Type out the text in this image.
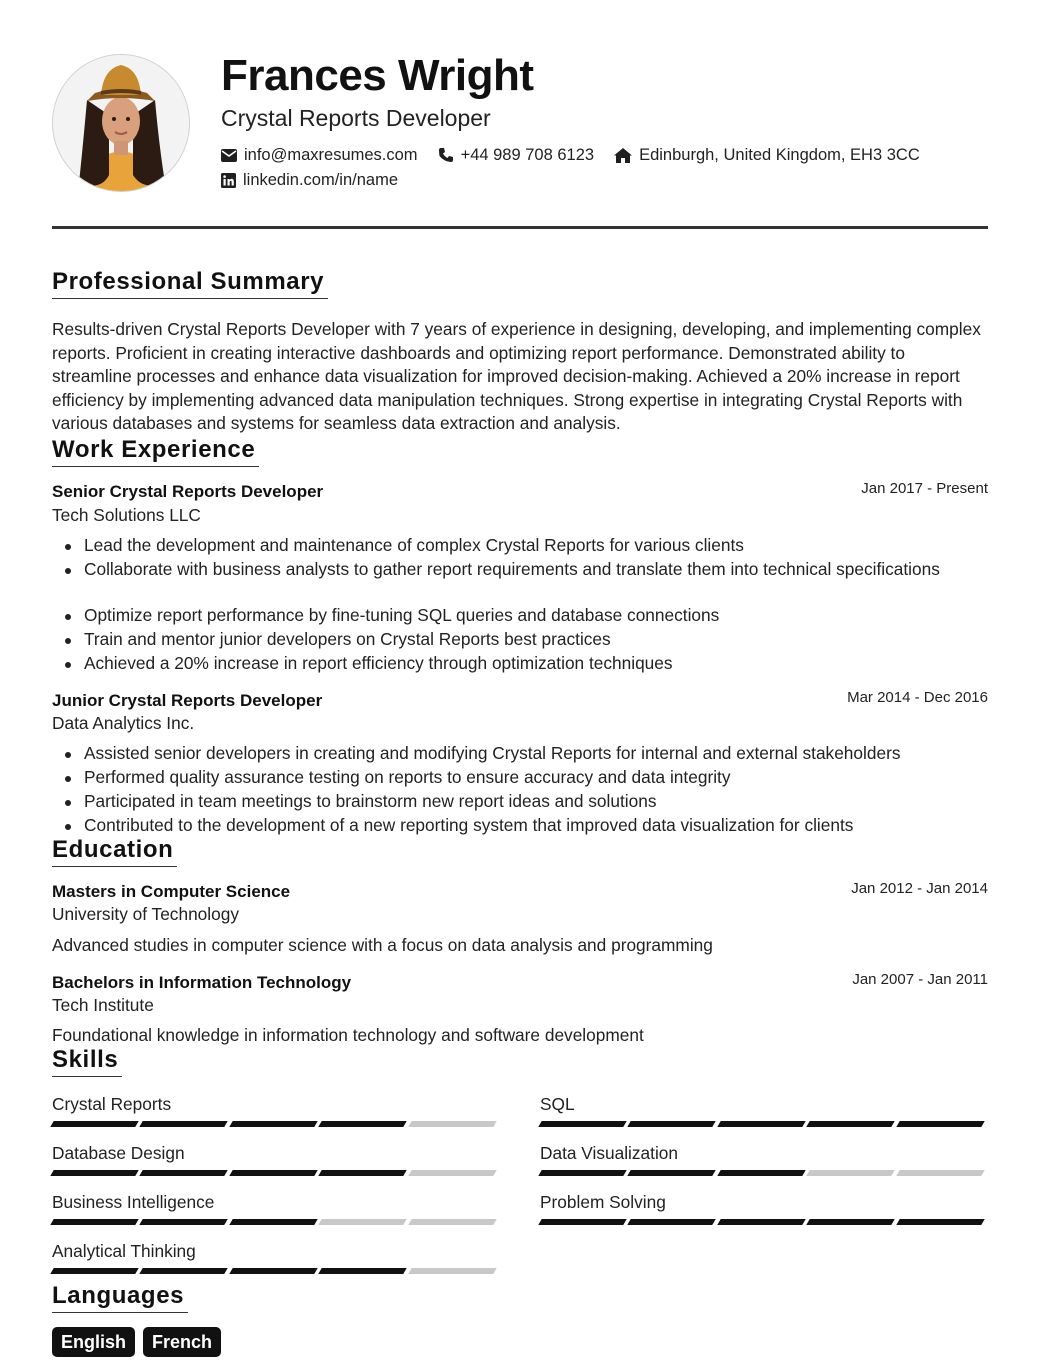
Frances Wright
Crystal Reports Developer
info@maxresumes.com	+44 989 708 6123	Edinburgh, United Kingdom, EH3 3CC
linkedin.com/in/name
Professional Summary
Results-driven Crystal Reports Developer with 7 years of experience in designing, developing, and implementing complex reports. Proficient in creating interactive dashboards and optimizing report performance. Demonstrated ability to streamline processes and enhance data visualization for improved decision-making. Achieved a 20% increase in report efficiency by implementing advanced data manipulation techniques. Strong expertise in integrating Crystal Reports with various databases and systems for seamless data extraction and analysis.
Work Experience
Senior Crystal Reports Developer	Jan 2017 - Present
Tech Solutions LLC
Lead the development and maintenance of complex Crystal Reports for various clients
Collaborate with business analysts to gather report requirements and translate them into technical specifications
Optimize report performance by fine-tuning SQL queries and database connections
Train and mentor junior developers on Crystal Reports best practices
Achieved a 20% increase in report efficiency through optimization techniques
Junior Crystal Reports Developer	Mar 2014 - Dec 2016
Data Analytics Inc.
Assisted senior developers in creating and modifying Crystal Reports for internal and external stakeholders
Performed quality assurance testing on reports to ensure accuracy and data integrity
Participated in team meetings to brainstorm new report ideas and solutions
Contributed to the development of a new reporting system that improved data visualization for clients
Education
Masters in Computer Science	Jan 2012 - Jan 2014
University of Technology
Advanced studies in computer science with a focus on data analysis and programming
Bachelors in Information Technology	Jan 2007 - Jan 2011
Tech Institute
Foundational knowledge in information technology and software development
Skills
Crystal Reports	SQL
Database Design	Data Visualization
Business Intelligence	Problem Solving
Analytical Thinking
Languages
English	French
